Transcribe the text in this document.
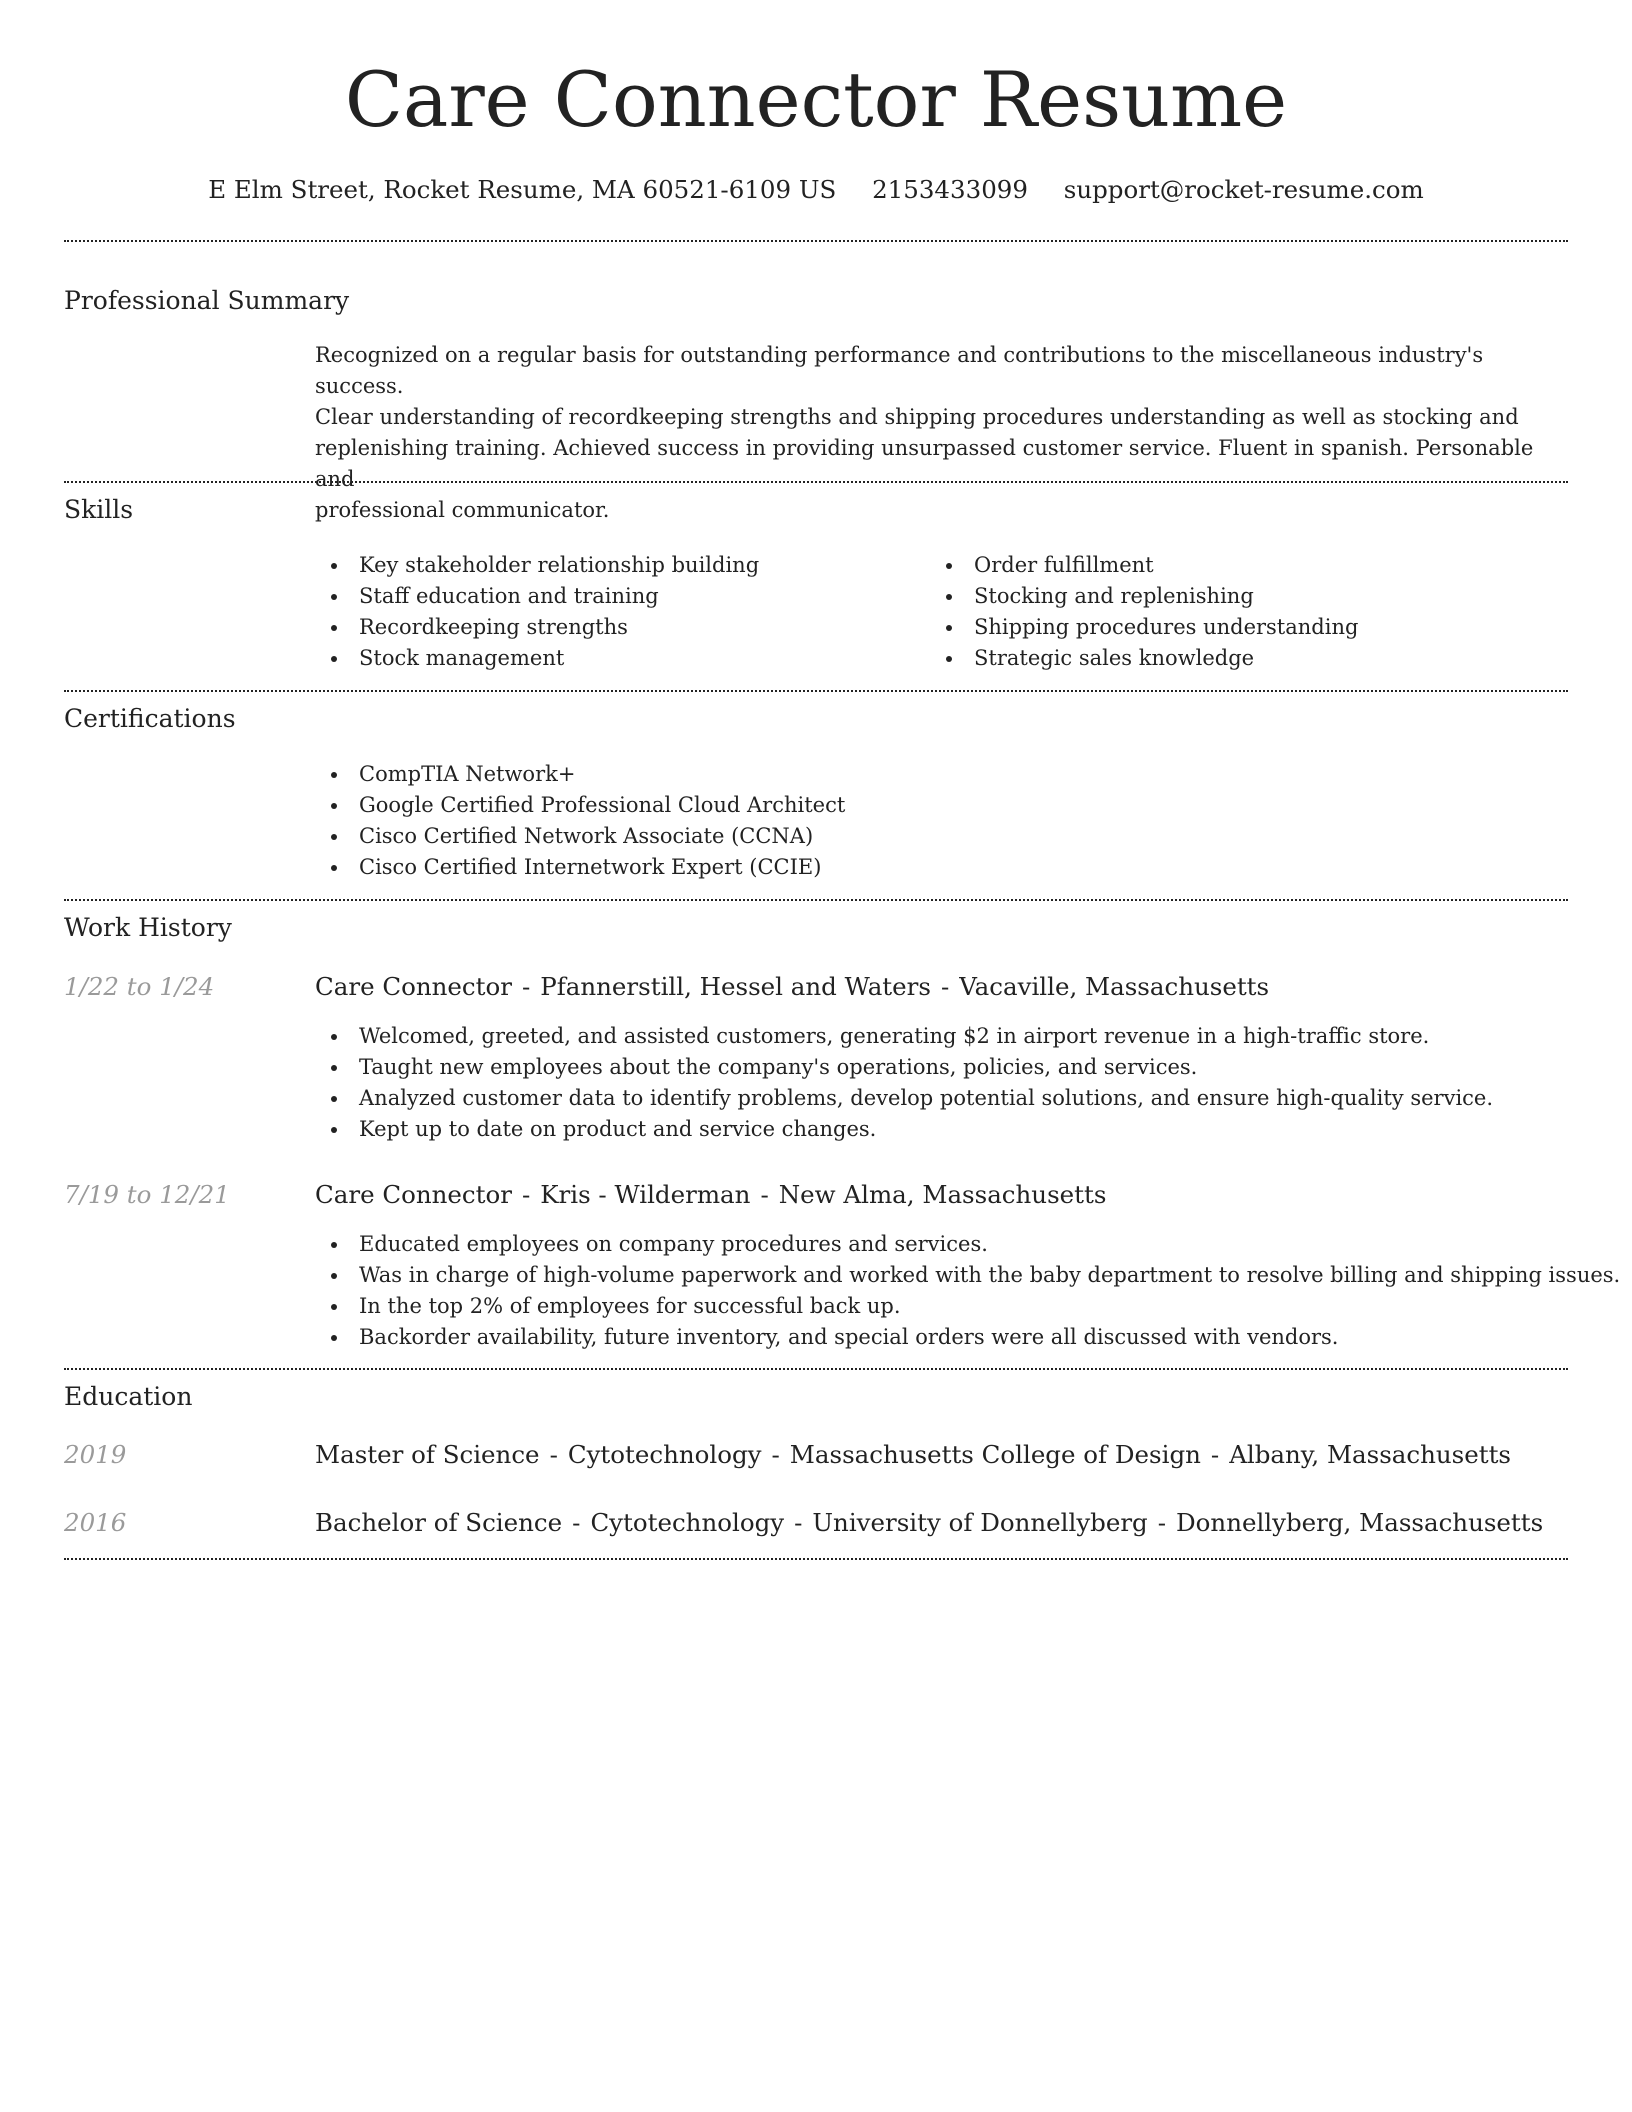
Care Connector Resume
E Elm Street, Rocket Resume, MA 60521-6109 US 2153433099 support@rocket-resume.com
Professional Summary
Recognized on a regular basis for outstanding performance and contributions to the miscellaneous industry's success.
Clear understanding of recordkeeping strengths and shipping procedures understanding as well as stocking and
replenishing training. Achieved success in providing unsurpassed customer service. Fluent in spanish. Personable and
professional communicator.
Skills
Key stakeholder relationship building
Staff education and training
Recordkeeping strengths
Stock management
Order fulfillment
Stocking and replenishing
Shipping procedures understanding
Strategic sales knowledge
Certifications
CompTIA Network+
Google Certified Professional Cloud Architect
Cisco Certified Network Associate (CCNA)
Cisco Certified Internetwork Expert (CCIE)
Work History
1/22 to 1/24	Care Connector - Pfannerstill, Hessel and Waters - Vacaville, Massachusetts
Welcomed, greeted, and assisted customers, generating $2 in airport revenue in a high-traffic store.
Taught new employees about the company's operations, policies, and services.
Analyzed customer data to identify problems, develop potential solutions, and ensure high-quality service.
Kept up to date on product and service changes.
7/19 to 12/21	Care Connector - Kris - Wilderman - New Alma, Massachusetts
Educated employees on company procedures and services.
Was in charge of high-volume paperwork and worked with the baby department to resolve billing and shipping issues.
In the top 2% of employees for successful back up.
Backorder availability, future inventory, and special orders were all discussed with vendors.
Education
2019	Master of Science - Cytotechnology - Massachusetts College of Design - Albany, Massachusetts
2016	Bachelor of Science - Cytotechnology - University of Donnellyberg - Donnellyberg, Massachusetts
